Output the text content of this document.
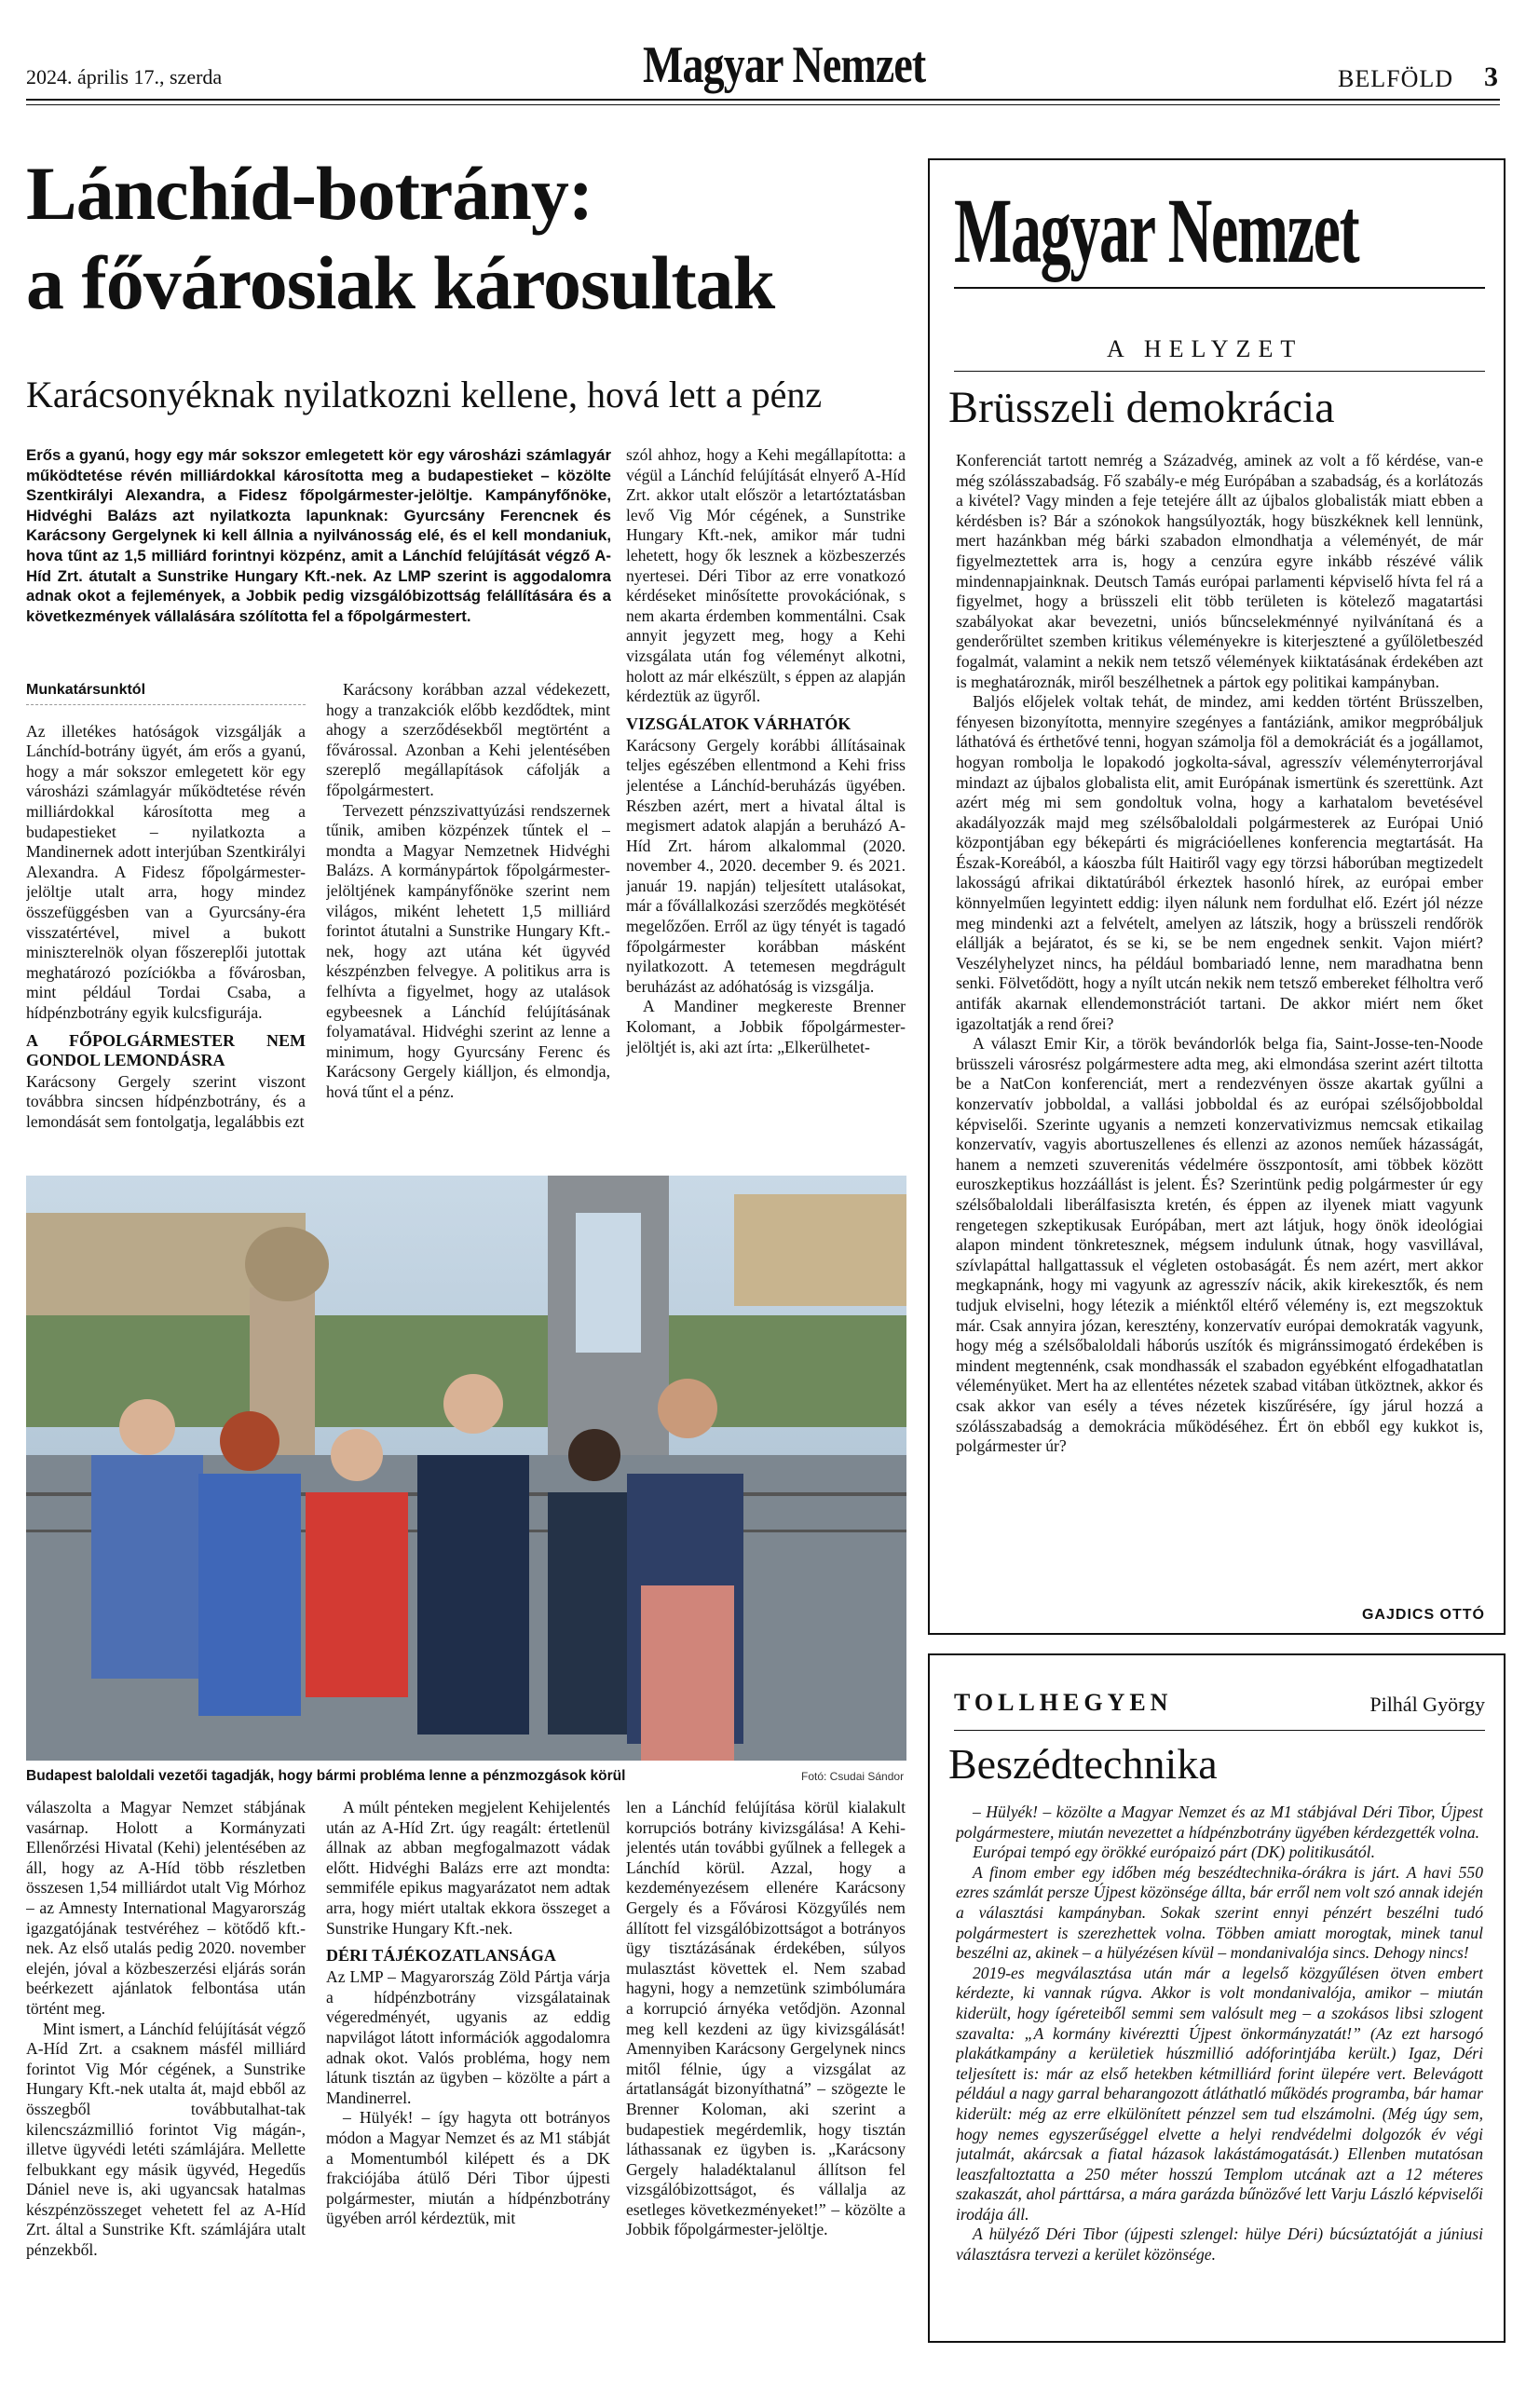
2024. április 17., szerda	Magyar Nemzet	BELFÖLD 3
Lánchíd-botrány:
a fővárosiak károsultak
Karácsonyéknak nyilatkozni kellene, hová lett a pénz
Erős a gyanú, hogy egy már sokszor emlegetett kör egy városházi számlagyár működtetése révén milliárdokkal károsította meg a budapestieket – közölte Szentkirályi Alexandra, a Fidesz főpolgármester-jelöltje. Kampányfőnöke, Hidvéghi Balázs azt nyilatkozta lapunknak: Gyurcsány Ferencnek és Karácsony Gergelynek ki kell állnia a nyilvánosság elé, és el kell mondaniuk, hova tűnt az 1,5 milliárd forintnyi közpénz, amit a Lánchíd felújítását végző A-Híd Zrt. átutalt a Sunstrike Hungary Kft.-nek. Az LMP szerint is aggodalomra adnak okot a fejlemények, a Jobbik pedig vizsgálóbizottság felállítására és a következmények vállalására szólította fel a főpolgármestert.
Munkatársunktól

Az illetékes hatóságok vizsgálják a Lánchíd-botrány ügyét, ám erős a gyanú, hogy a már sokszor emlegetett kör egy városházi számlagyár működtetése révén milliárdokkal károsította meg a budapestieket – nyilatkozta a Mandinernek adott interjúban Szentkirályi Alexandra. A Fidesz főpolgármester-jelöltje utalt arra, hogy mindez összefüggésben van a Gyurcsány-éra visszatértével, mivel a bukott miniszterelnök olyan főszereplői jutottak meghatározó pozíciókba a fővárosban, mint például Tordai Csaba, a hídpénzbotrány egyik kulcsfigurája.

A FŐPOLGÁRMESTER NEM GONDOL LEMONDÁSRA

Karácsony Gergely szerint viszont továbbra sincsen hídpénzbotrány, és a lemondását sem fontolgatja, legalábbis ezt

Karácsony korábban azzal védekezett, hogy a tranzakciók előbb kezdődtek, mint ahogy a szerződésekből megtörtént a fővárossal. Azonban a Kehi jelentésében szereplő megállapítások cáfolják a főpolgármestert.

Tervezett pénzszivattyúzási rendszernek tűnik, amiben közpénzek tűntek el – mondta a Magyar Nemzetnek Hidvéghi Balázs. A kormánypártok főpolgármester-jelöltjének kampányfőnöke szerint nem világos, miként lehetett 1,5 milliárd forintot átutalni a Sunstrike Hungary Kft.-nek, hogy azt utána két ügyvéd készpénzben felvegye. A politikus arra is felhívta a figyelmet, hogy az utalások egybeesnek a Lánchíd felújításának folyamatával. Hidvéghi szerint az lenne a minimum, hogy Gyurcsány Ferenc és Karácsony Gergely kiálljon, és elmondja, hová tűnt el a pénz.

szól ahhoz, hogy a Kehi megállapította: a végül a Lánchíd felújítását elnyerő A-Híd Zrt. akkor utalt először a letartóztatásban levő Vig Mór cégének, a Sunstrike Hungary Kft.-nek, amikor már tudni lehetett, hogy ők lesznek a közbeszerzés nyertesei. Déri Tibor az erre vonatkozó kérdéseket minősítette provokációnak, s nem akarta érdemben kommentálni. Csak annyit jegyzett meg, hogy a Kehi vizsgálata után fog véleményt alkotni, holott az már elkészült, s éppen az alapján kérdeztük az ügyről.

VIZSGÁLATOK VÁRHATÓK

Karácsony Gergely korábbi állításainak teljes egészében ellentmond a Kehi friss jelentése a Lánchíd-beruházás ügyében. Részben azért, mert a hivatal által is megismert adatok alapján a beruházó A-Híd Zrt. három alkalommal (2020. november 4., 2020. december 9. és 2021. január 19. napján) teljesített utalásokat, már a fővállalkozási szerződés megkötését megelőzően. Erről az ügy tényét is tagadó főpolgármester korábban másként nyilatkozott. A tetemesen megdrágult beruházást az adóhatóság is vizsgálja.

A Mandiner megkereste Brenner Kolomant, a Jobbik főpolgármester-jelöltjét is, aki azt írta: „Elkerülhetet-

Budapest baloldali vezetői tagadják, hogy bármi probléma lenne a pénzmozgások körül	Fotó: Csudai Sándor

válaszolta a Magyar Nemzet stábjának vasárnap. Holott a Kormányzati Ellenőrzési Hivatal (Kehi) jelentésében az áll, hogy az A-Híd több részletben összesen 1,54 milliárdot utalt Vig Mórhoz – az Amnesty International Magyarország igazgatójának testvéréhez – kötődő kft.-nek. Az első utalás pedig 2020. november elején, jóval a közbeszerzési eljárás során beérkezett ajánlatok felbontása után történt meg.

Mint ismert, a Lánchíd felújítását végző A-Híd Zrt. a csaknem másfél milliárd forintot Vig Mór cégének, a Sunstrike Hungary Kft.-nek utalta át, majd ebből az összegből továbbutalhat-tak kilencszázmillió forintot Vig mágán-, illetve ügyvédi letéti számlájára. Mellette felbukkant egy másik ügyvéd, Hegedűs Dániel neve is, aki ugyancsak hatalmas készpénzösszeget vehetett fel az A-Híd Zrt. által a Sunstrike Kft. számlájára utalt pénzekből.

A múlt pénteken megjelent Kehijelentés után az A-Híd Zrt. úgy reagált: értetlenül állnak az abban megfogalmazott vádak előtt. Hidvéghi Balázs erre azt mondta: semmiféle epikus magyarázatot nem adtak arra, hogy miért utaltak ekkora összeget a Sunstrike Hungary Kft.-nek.

DÉRI TÁJÉKOZATLANSÁGA

Az LMP – Magyarország Zöld Pártja várja a hídpénzbotrány vizsgálatainak végeredményét, ugyanis az eddig napvilágot látott információk aggodalomra adnak okot. Valós probléma, hogy nem látunk tisztán az ügyben – közölte a párt a Mandinerrel.

– Hülyék! – így hagyta ott botrányos módon a Magyar Nemzet és az M1 stábját a Momentumból kilépett és a DK frakciójába átülő Déri Tibor újpesti polgármester, miután a hídpénzbotrány ügyében arról kérdeztük, mit

len a Lánchíd felújítása körül kialakult korrupciós botrány kivizsgálása! A Kehi-jelentés után további gyűlnek a fellegek a Lánchíd körül. Azzal, hogy a kezdeményezésem ellenére Karácsony Gergely és a Fővárosi Közgyűlés nem állított fel vizsgálóbizottságot a botrányos ügy tisztázásának érdekében, súlyos mulasztást követtek el. Nem szabad hagyni, hogy a nemzetünk szimbólumára a korrupció árnyéka vetődjön. Azonnal meg kell kezdeni az ügy kivizsgálását! Amennyiben Karácsony Gergelynek nincs mitől félnie, úgy a vizsgálat az ártatlanságát bizonyíthatná” – szögezte le Brenner Koloman, aki szerint a budapestiek megérdemlik, hogy tisztán láthassanak ez ügyben is. „Karácsony Gergely haladéktalanul állítson fel vizsgálóbizottságot, és vállalja az esetleges következményeket!” – közölte a Jobbik főpolgármester-jelöltje.

Magyar Nemzet
A HELYZET
Brüsszeli demokrácia

Konferenciát tartott nemrég a Századvég, aminek az volt a fő kérdése, van-e még szólásszabadság. Fő szabály-e még Európában a szabadság, és a korlátozás a kivétel? Vagy minden a feje tetejére állt az újbalos globalisták miatt ebben a kérdésben is? Bár a szónokok hangsúlyozták, hogy büszkéknek kell lennünk, mert hazánkban még bárki szabadon elmondhatja a véleményét, de már figyelmeztettek arra is, hogy a cenzúra egyre inkább részévé válik mindennapjainknak. Deutsch Tamás európai parlamenti képviselő hívta fel rá a figyelmet, hogy a brüsszeli elit több területen is kötelező magatartási szabályokat akar bevezetni, uniós bűncselekménnyé nyilvánítaná és a genderőrültet szemben kritikus véleményekre is kiterjesztené a gyűlöletbeszéd fogalmát, valamint a nekik nem tetsző vélemények kiiktatásának érdekében azt is meghatároznák, miről beszélhetnek a pártok egy politikai kampányban.

Baljós előjelek voltak tehát, de mindez, ami kedden történt Brüsszelben, fényesen bizonyította, mennyire szegényes a fantáziánk, amikor megpróbáljuk láthatóvá és érthetővé tenni, hogyan számolja föl a demokráciát és a jogállamot, hogyan rombolja le lopakodó jogkolta-sával, agresszív véleményterrorjával mindazt az újbalos globalista elit, amit Európának ismertünk és szerettünk. Azt azért még mi sem gondoltuk volna, hogy a karhatalom bevetésével akadályozzák majd meg szélsőbaloldali polgármesterek az Európai Unió központjában egy békepárti és migrációellenes konferencia megtartását. Ha Észak-Koreából, a káoszba fúlt Haitiről vagy egy törzsi háborúban megtizedelt lakosságú afrikai diktatúrából érkeztek hasonló hírek, az európai ember könnyelműen legyintett eddig: ilyen nálunk nem fordulhat elő. Ezért jól nézze meg mindenki azt a felvételt, amelyen az látszik, hogy a brüsszeli rendőrök elállják a bejáratot, és se ki, se be nem engednek senkit. Vajon miért? Veszélyhelyzet nincs, ha például bombariadó lenne, nem maradhatna benn senki. Fölvetődött, hogy a nyílt utcán nekik nem tetsző embereket félholtra verő antifák akarnak ellendemonstrációt tartani. De akkor miért nem őket igazoltatják a rend őrei?

A választ Emir Kir, a török bevándorlók belga fia, Saint-Josse-ten-Noode brüsszeli városrész polgármestere adta meg, aki elmondása szerint azért tiltotta be a NatCon konferenciát, mert a rendezvényen össze akartak gyűlni a konzervatív jobboldal, a vallási jobboldal és az európai szélsőjobboldal képviselői. Szerinte ugyanis a nemzeti konzervativizmus nemcsak etikailag konzervatív, vagyis abortuszellenes és ellenzi az azonos neműek házasságát, hanem a nemzeti szuverenitás védelmére összpontosít, ami többek között euroszkeptikus hozzáállást is jelent. És? Szerintünk pedig polgármester úr egy szélsőbaloldali liberálfasiszta kretén, és éppen az ilyenek miatt vagyunk rengetegen szkeptikusak Európában, mert azt látjuk, hogy önök ideológiai alapon mindent tönkretesznek, mégsem indulunk útnak, hogy vasvillával, szívlapáttal hallgattassuk el végleten ostobaságát. És nem azért, mert akkor megkapnánk, hogy mi vagyunk az agresszív nácik, akik kirekesztők, és nem tudjuk elviselni, hogy létezik a miénktől eltérő vélemény is, ezt megszoktuk már. Csak annyira józan, keresztény, konzervatív európai demokraták vagyunk, hogy még a szélsőbaloldali háborús uszítók és migránssimogató érdekében is mindent megtennénk, csak mondhassák el szabadon egyébként elfogadhatatlan véleményüket. Mert ha az ellentétes nézetek szabad vitában ütköztnek, akkor és csak akkor van esély a téves nézetek kiszűrésére, így járul hozzá a szólásszabadság a demokrácia működéséhez. Ért ön ebből egy kukkot is, polgármester úr?

GAJDICS OTTÓ
TOLLHEGYEN	Pilhál György
Beszédtechnika

– Hülyék! – közölte a Magyar Nemzet és az M1 stábjával Déri Tibor, Újpest polgármestere, miután nevezettet a hídpénzbotrány ügyében kérdezgették volna.

Európai tempó egy örökké európaizó párt (DK) politikusától.

A finom ember egy időben még beszédtechnika-órákra is járt. A havi 550 ezres számlát persze Újpest közönsége állta, bár erről nem volt szó annak idején a választási kampányban. Sokak szerint ennyi pénzért beszélni tudó polgármestert is szerezhettek volna. Többen amiatt morogtak, minek tanul beszélni az, akinek – a hülyézésen kívül – mondanivalója sincs. Dehogy nincs!

2019-es megválasztása után már a legelső közgyűlésen ötven embert kérdezte, ki vannak rúgva. Akkor is volt mondanivalója, amikor – miután kiderült, hogy ígéreteiből semmi sem valósult meg – a szokásos libsi szlogent szavalta: „A kormány kivéreztti Újpest önkormányzatát!” (Az ezt harsogó plakátkampány a kerületiek húszmillió adóforintjába került.) Igaz, Déri teljesített is: már az első hetekben kétmilliárd forint ülepére vert. Belevágott például a nagy garral beharangozott átláthatló működés programba, bár hamar kiderült: még az erre elkülönített pénzzel sem tud elszámolni. (Még úgy sem, hogy nemes egyszerűséggel elvette a helyi rendvédelmi dolgozók év végi jutalmát, akárcsak a fiatal házasok lakástámogatását.) Ellenben mutatósan leaszfaltoztatta a 250 méter hosszú Templom utcának azt a 12 méteres szakaszát, ahol párttársa, a mára garázda bűnözővé lett Varju László képviselői irodája áll.

A hülyéző Déri Tibor (újpesti szlengel: hülye Déri) búcsúztatóját a júniusi választásra tervezi a kerület közönsége.
